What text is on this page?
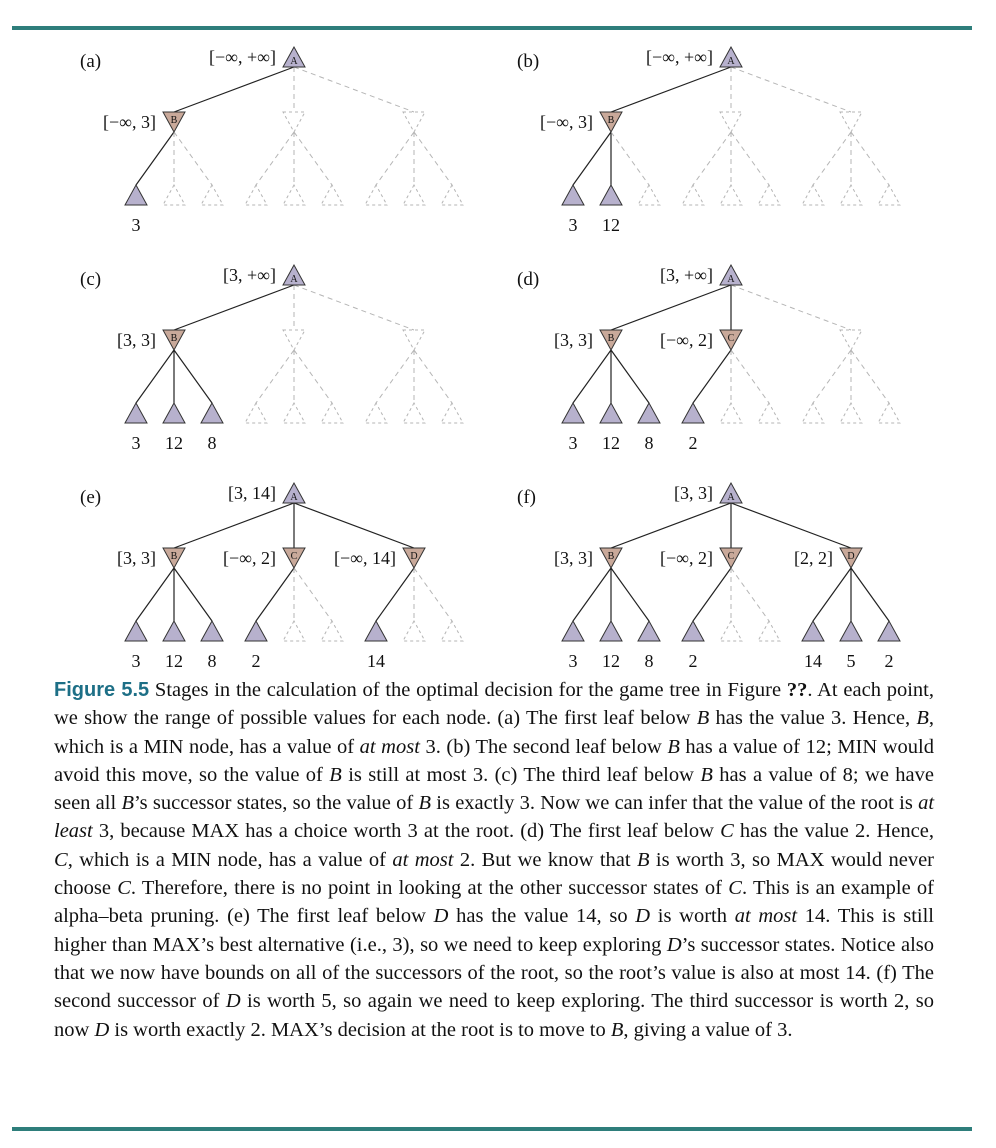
(a)	A
[−∞, +∞]
B
[−∞, 3]
3
(b)	A
[−∞, +∞]
B
[−∞, 3]
3 12
(c)	A
[3, +∞]
B
[3, 3]
3 12 8
(d)	A
[3, +∞]
B
[3, 3]
3 12 8
C
[−∞, 2]
2
(e)	A
[3, 14]
B
[3, 3]
3 12 8
C
[−∞, 2]
2
D
[−∞, 14]
14
(f)	A
[3, 3]
B
[3, 3]
3 12 8
C
[−∞, 2]
2
D
[2, 2]
14 5 2
Figure 5.5 Stages in the calculation of the optimal decision for the game tree in Figure ??. At each point, we show the range of possible values for each node. (a) The first leaf below B has the value 3. Hence, B, which is a MIN node, has a value of at most 3. (b) The second leaf below B has a value of 12; MIN would avoid this move, so the value of B is still at most 3. (c) The third leaf below B has a value of 8; we have seen all B’s successor states, so the value of B is exactly 3. Now we can infer that the value of the root is at least 3, because MAX has a choice worth 3 at the root. (d) The first leaf below C has the value 2. Hence, C, which is a MIN node, has a value of at most 2. But we know that B is worth 3, so MAX would never choose C. Therefore, there is no point in looking at the other successor states of C. This is an example of alpha–beta pruning. (e) The first leaf below D has the value 14, so D is worth at most 14. This is still higher than MAX’s best alternative (i.e., 3), so we need to keep exploring D’s successor states. Notice also that we now have bounds on all of the successors of the root, so the root’s value is also at most 14. (f) The second successor of D is worth 5, so again we need to keep exploring. The third successor is worth 2, so now D is worth exactly 2. MAX’s decision at the root is to move to B, giving a value of 3.
